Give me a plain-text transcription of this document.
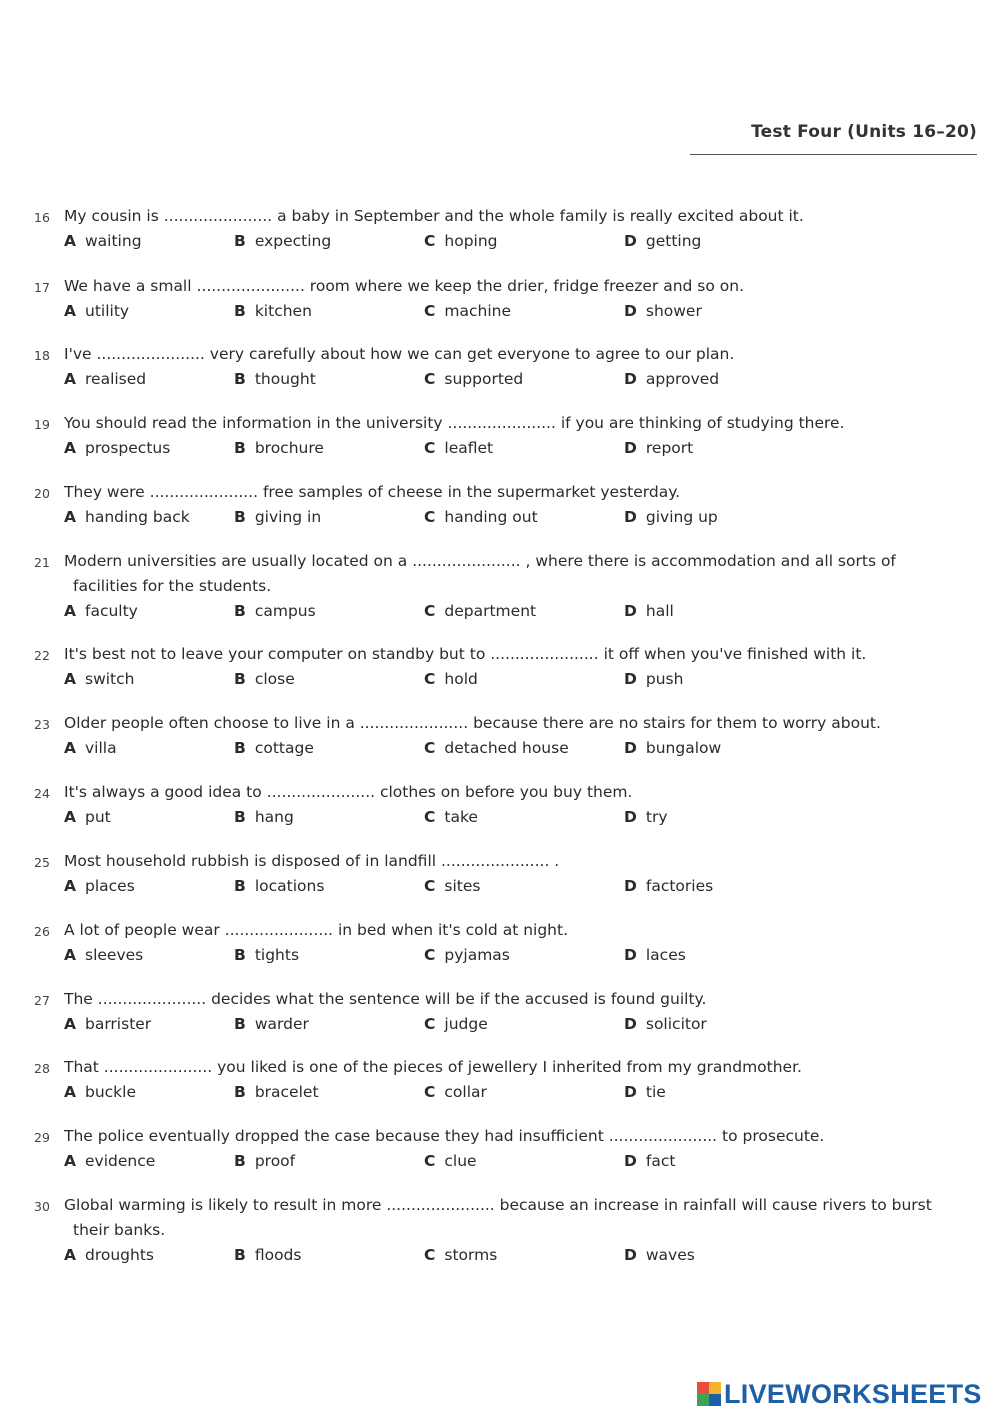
Test Four (Units 16–20)
16 My cousin is ...................... a baby in September and the whole family is really excited about it.
A waiting	B expecting	C hoping	D getting
17 We have a small ...................... room where we keep the drier, fridge freezer and so on.
A utility	B kitchen	C machine	D shower
18 I've ...................... very carefully about how we can get everyone to agree to our plan.
A realised	B thought	C supported	D approved
19 You should read the information in the university ...................... if you are thinking of studying there.
A prospectus	B brochure	C leaflet	D report
20 They were ...................... free samples of cheese in the supermarket yesterday.
A handing back	B giving in	C handing out	D giving up
21 Modern universities are usually located on a ...................... , where there is accommodation and all sorts of
facilities for the students.
A faculty	B campus	C department	D hall
22 It's best not to leave your computer on standby but to ...................... it off when you've finished with it.
A switch	B close	C hold	D push
23 Older people often choose to live in a ...................... because there are no stairs for them to worry about.
A villa	B cottage	C detached house	D bungalow
24 It's always a good idea to ...................... clothes on before you buy them.
A put	B hang	C take	D try
25 Most household rubbish is disposed of in landfill ...................... .
A places	B locations	C sites	D factories
26 A lot of people wear ...................... in bed when it's cold at night.
A sleeves	B tights	C pyjamas	D laces
27 The ...................... decides what the sentence will be if the accused is found guilty.
A barrister	B warder	C judge	D solicitor
28 That ...................... you liked is one of the pieces of jewellery I inherited from my grandmother.
A buckle	B bracelet	C collar	D tie
29 The police eventually dropped the case because they had insufficient ...................... to prosecute.
A evidence	B proof	C clue	D fact
30 Global warming is likely to result in more ...................... because an increase in rainfall will cause rivers to burst
their banks.
A droughts	B floods	C storms	D waves
LIVEWORKSHEETS
